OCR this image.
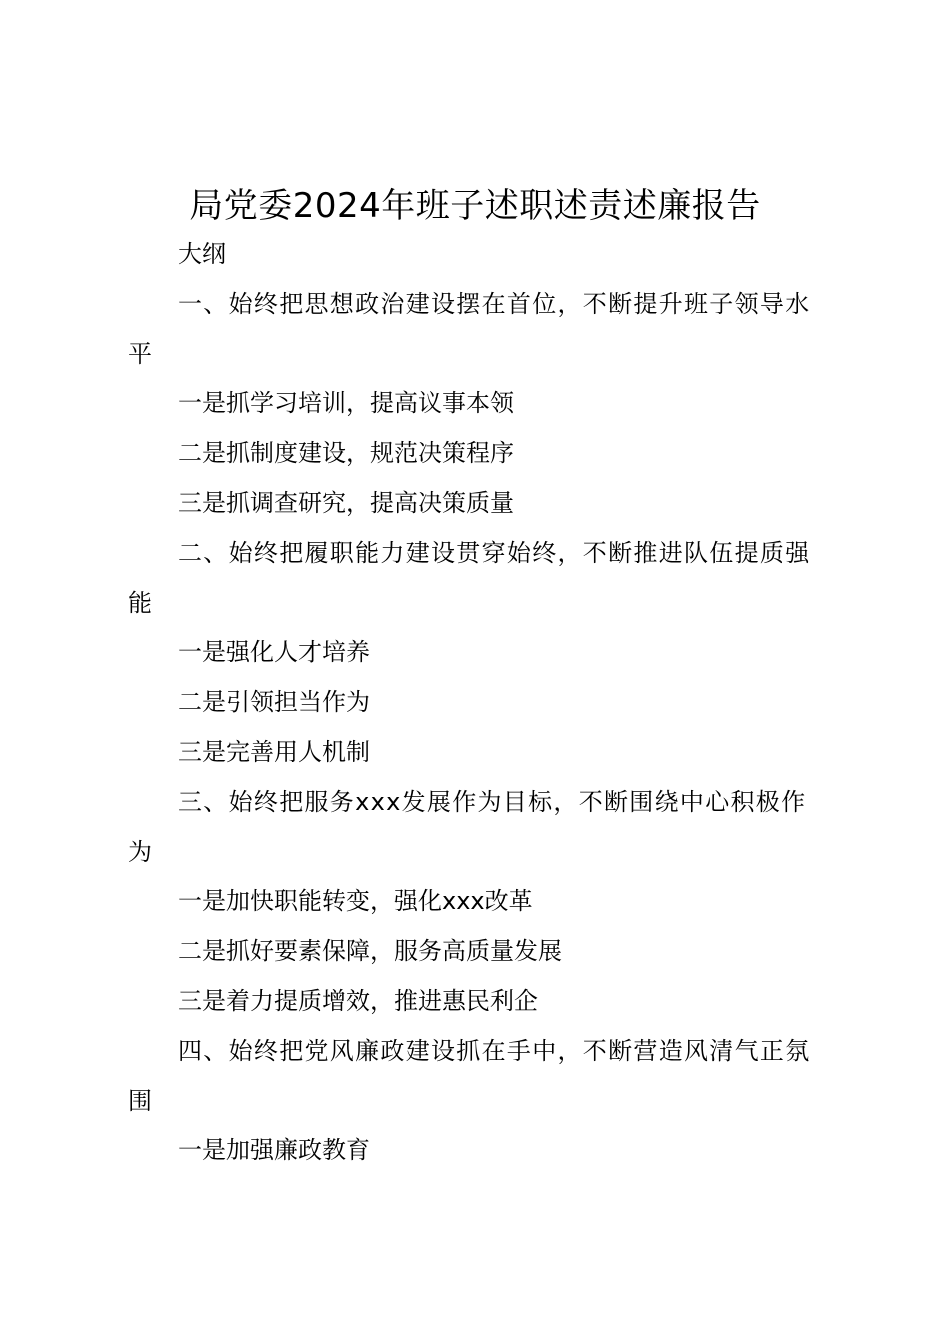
局党委2024年班子述职述责述廉报告

大纲

一、始终把思想政治建设摆在首位，不断提升班子领导水

平

一是抓学习培训，提高议事本领

二是抓制度建设，规范决策程序

三是抓调查研究，提高决策质量

二、始终把履职能力建设贯穿始终，不断推进队伍提质强

能

一是强化人才培养

二是引领担当作为

三是完善用人机制

三、始终把服务xxx发展作为目标，不断围绕中心积极作

为

一是加快职能转变，强化xxx改革

二是抓好要素保障，服务高质量发展

三是着力提质增效，推进惠民利企

四、始终把党风廉政建设抓在手中，不断营造风清气正氛

围

一是加强廉政教育
